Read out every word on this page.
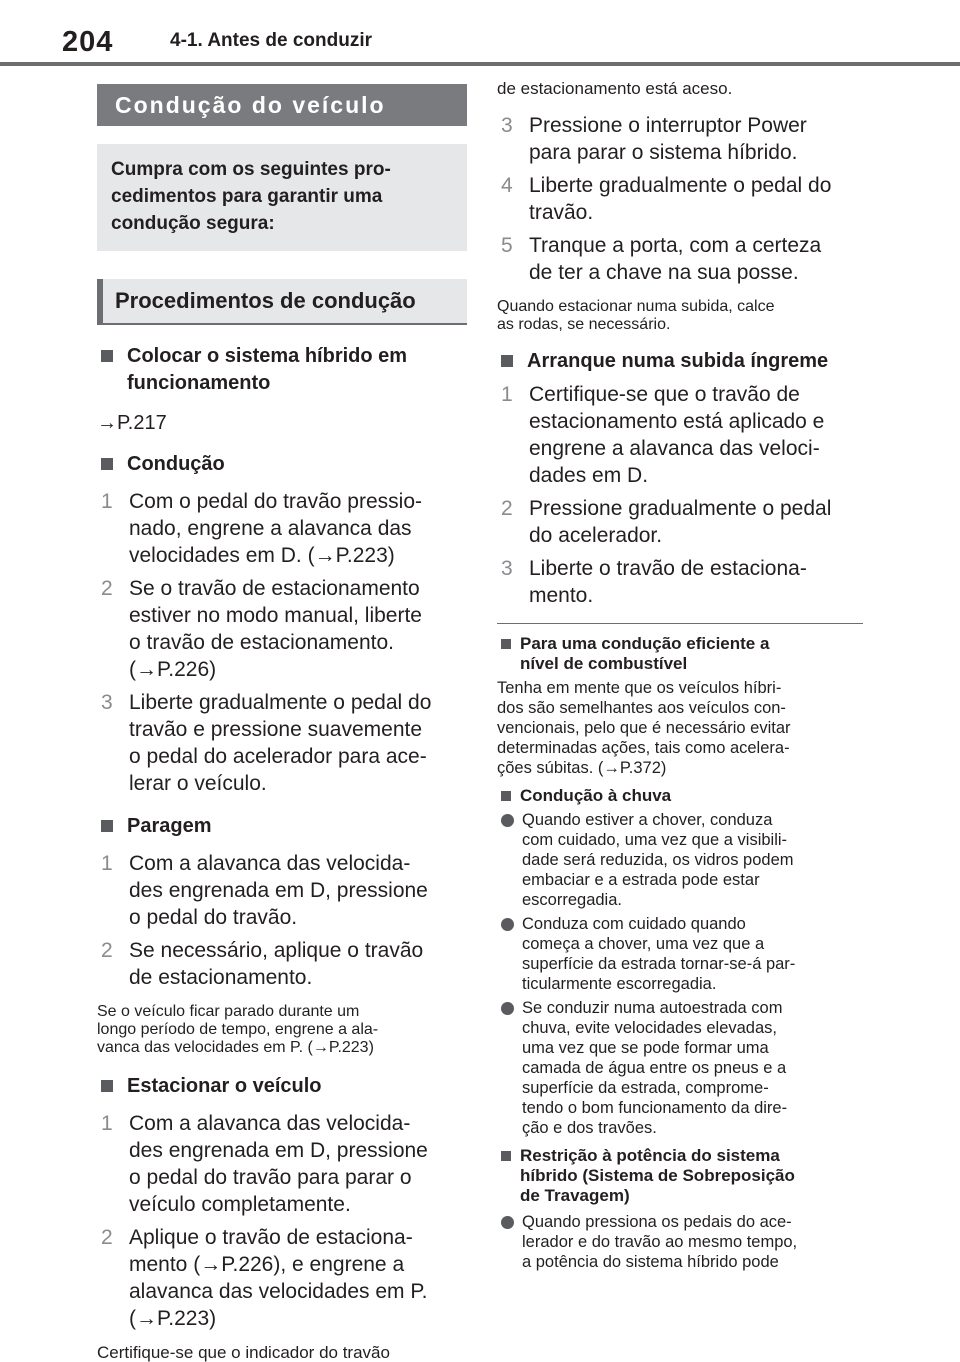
204	4-1. Antes de conduzir
Condução do veículo
Cumpra com os seguintes pro-
cedimentos para garantir uma
condução segura:
Procedimentos de condução
Colocar o sistema híbrido em
funcionamento
→P.217
Condução
1 Com o pedal do travão pressio-
nado, engrene a alavanca das
velocidades em D. (→P.223)
2 Se o travão de estacionamento
estiver no modo manual, liberte
o travão de estacionamento.
(→P.226)
3 Liberte gradualmente o pedal do
travão e pressione suavemente
o pedal do acelerador para ace-
lerar o veículo.
Paragem
1 Com a alavanca das velocida-
des engrenada em D, pressione
o pedal do travão.
2 Se necessário, aplique o travão
de estacionamento.
Se o veículo ficar parado durante um
longo período de tempo, engrene a ala-
vanca das velocidades em P. (→P.223)
Estacionar o veículo
1 Com a alavanca das velocida-
des engrenada em D, pressione
o pedal do travão para parar o
veículo completamente.
2 Aplique o travão de estaciona-
mento (→P.226), e engrene a
alavanca das velocidades em P.
(→P.223)
Certifique-se que o indicador do travão
de estacionamento está aceso.
3 Pressione o interruptor Power
para parar o sistema híbrido.
4 Liberte gradualmente o pedal do
travão.
5 Tranque a porta, com a certeza
de ter a chave na sua posse.
Quando estacionar numa subida, calce
as rodas, se necessário.
Arranque numa subida íngreme
1 Certifique-se que o travão de
estacionamento está aplicado e
engrene a alavanca das veloci-
dades em D.
2 Pressione gradualmente o pedal
do acelerador.
3 Liberte o travão de estaciona-
mento.
Para uma condução eficiente a
nível de combustível
Tenha em mente que os veículos híbri-
dos são semelhantes aos veículos con-
vencionais, pelo que é necessário evitar
determinadas ações, tais como acelera-
ções súbitas. (→P.372)
Condução à chuva
Quando estiver a chover, conduza
com cuidado, uma vez que a visibili-
dade será reduzida, os vidros podem
embaciar e a estrada pode estar
escorregadia.
Conduza com cuidado quando
começa a chover, uma vez que a
superfície da estrada tornar-se-á par-
ticularmente escorregadia.
Se conduzir numa autoestrada com
chuva, evite velocidades elevadas,
uma vez que se pode formar uma
camada de água entre os pneus e a
superfície da estrada, comprome-
tendo o bom funcionamento da dire-
ção e dos travões.
Restrição à potência do sistema
híbrido (Sistema de Sobreposição
de Travagem)
Quando pressiona os pedais do ace-
lerador e do travão ao mesmo tempo,
a potência do sistema híbrido pode
